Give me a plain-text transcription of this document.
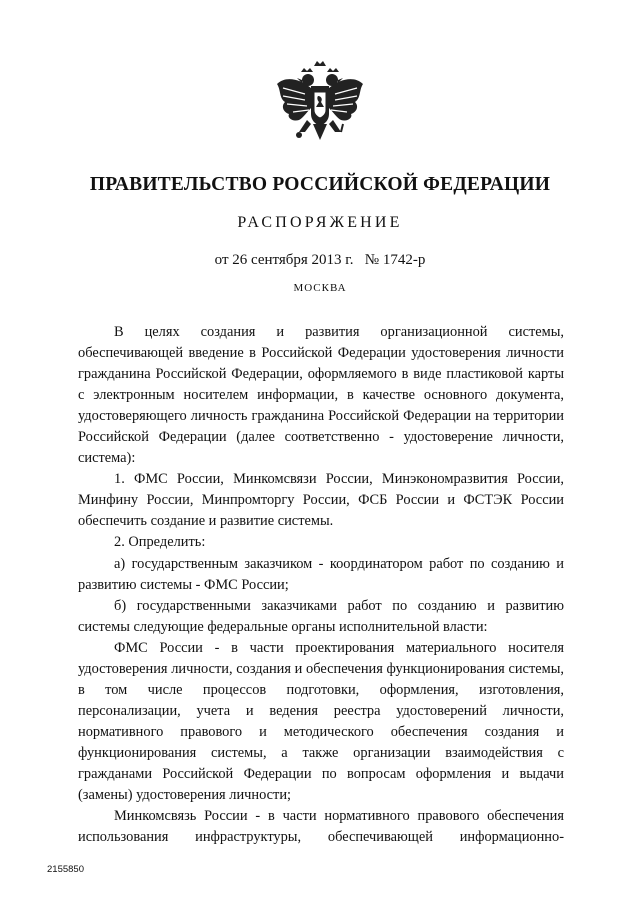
ПРАВИТЕЛЬСТВО РОССИЙСКОЙ ФЕДЕРАЦИИ
РАСПОРЯЖЕНИЕ
от 26 сентября 2013 г.   № 1742-р
МОСКВА

В целях создания и развития организационной системы, обеспечивающей введение в Российской Федерации удостоверения личности гражданина Российской Федерации, оформляемого в виде пластиковой карты с электронным носителем информации, в качестве основного документа, удостоверяющего личность гражданина Российской Федерации на территории Российской Федерации (далее соответственно - удостоверение личности, система):

1. ФМС России, Минкомсвязи России, Минэкономразвития России, Минфину России, Минпромторгу России, ФСБ России и ФСТЭК России обеспечить создание и развитие системы.

2. Определить:

а) государственным заказчиком - координатором работ по созданию и развитию системы - ФМС России;

б) государственными заказчиками работ по созданию и развитию системы следующие федеральные органы исполнительной власти:

ФМС России - в части проектирования материального носителя удостоверения личности, создания и обеспечения функционирования системы, в том числе процессов подготовки, оформления, изготовления, персонализации, учета и ведения реестра удостоверений личности, нормативного правового и методического обеспечения создания и функционирования системы, а также организации взаимодействия с гражданами Российской Федерации по вопросам оформления и выдачи (замены) удостоверения личности;

Минкомсвязь России - в части нормативного правового обеспечения использования инфраструктуры, обеспечивающей информационно-

2155850
